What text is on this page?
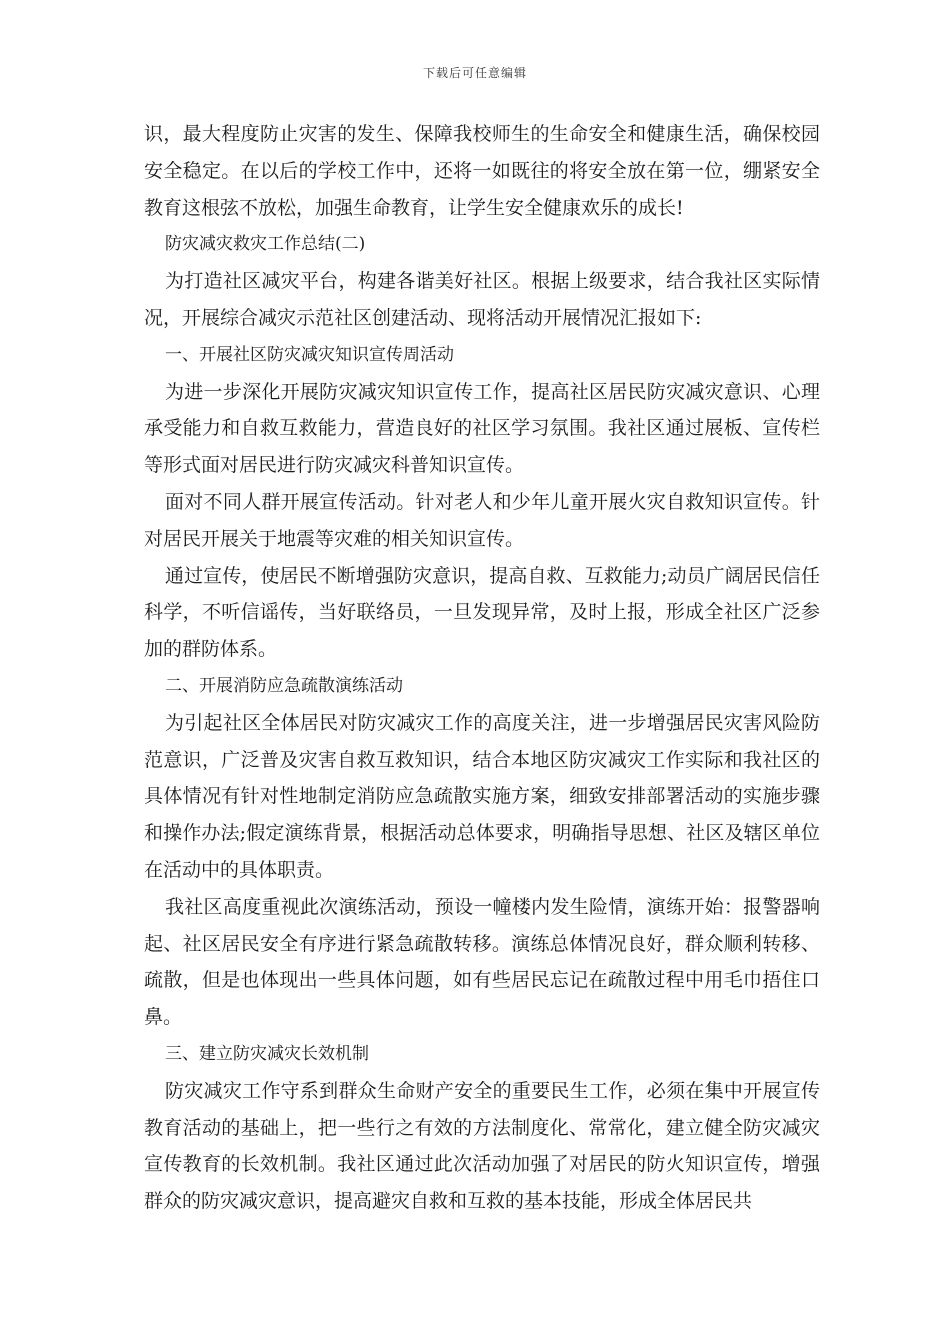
下载后可任意编辑

识，最大程度防止灾害的发生、保障我校师生的生命安全和健康生活，确保校园安全稳定。在以后的学校工作中，还将一如既往的将安全放在第一位，绷紧安全教育这根弦不放松，加强生命教育，让学生安全健康欢乐的成长!

防灾减灾救灾工作总结(二)

为打造社区减灾平台，构建各谐美好社区。根据上级要求，结合我社区实际情况，开展综合减灾示范社区创建活动、现将活动开展情况汇报如下:

一、开展社区防灾减灾知识宣传周活动

为进一步深化开展防灾减灾知识宣传工作，提高社区居民防灾减灾意识、心理承受能力和自救互救能力，营造良好的社区学习氛围。我社区通过展板、宣传栏等形式面对居民进行防灾减灾科普知识宣传。

面对不同人群开展宣传活动。针对老人和少年儿童开展火灾自救知识宣传。针对居民开展关于地震等灾难的相关知识宣传。

通过宣传，使居民不断增强防灾意识，提高自救、互救能力;动员广阔居民信任科学，不听信谣传，当好联络员，一旦发现异常，及时上报，形成全社区广泛参加的群防体系。

二、开展消防应急疏散演练活动

为引起社区全体居民对防灾减灾工作的高度关注，进一步增强居民灾害风险防范意识，广泛普及灾害自救互救知识，结合本地区防灾减灾工作实际和我社区的具体情况有针对性地制定消防应急疏散实施方案，细致安排部署活动的实施步骤和操作办法;假定演练背景，根据活动总体要求，明确指导思想、社区及辖区单位在活动中的具体职责。

我社区高度重视此次演练活动，预设一幢楼内发生险情，演练开始：报警器响起、社区居民安全有序进行紧急疏散转移。演练总体情况良好，群众顺利转移、疏散，但是也体现出一些具体问题，如有些居民忘记在疏散过程中用毛巾捂住口鼻。

三、建立防灾减灾长效机制

防灾减灾工作守系到群众生命财产安全的重要民生工作，必须在集中开展宣传教育活动的基础上，把一些行之有效的方法制度化、常常化，建立健全防灾减灾宣传教育的长效机制。我社区通过此次活动加强了对居民的防火知识宣传，增强群众的防灾减灾意识，提高避灾自救和互救的基本技能，形成全体居民共
